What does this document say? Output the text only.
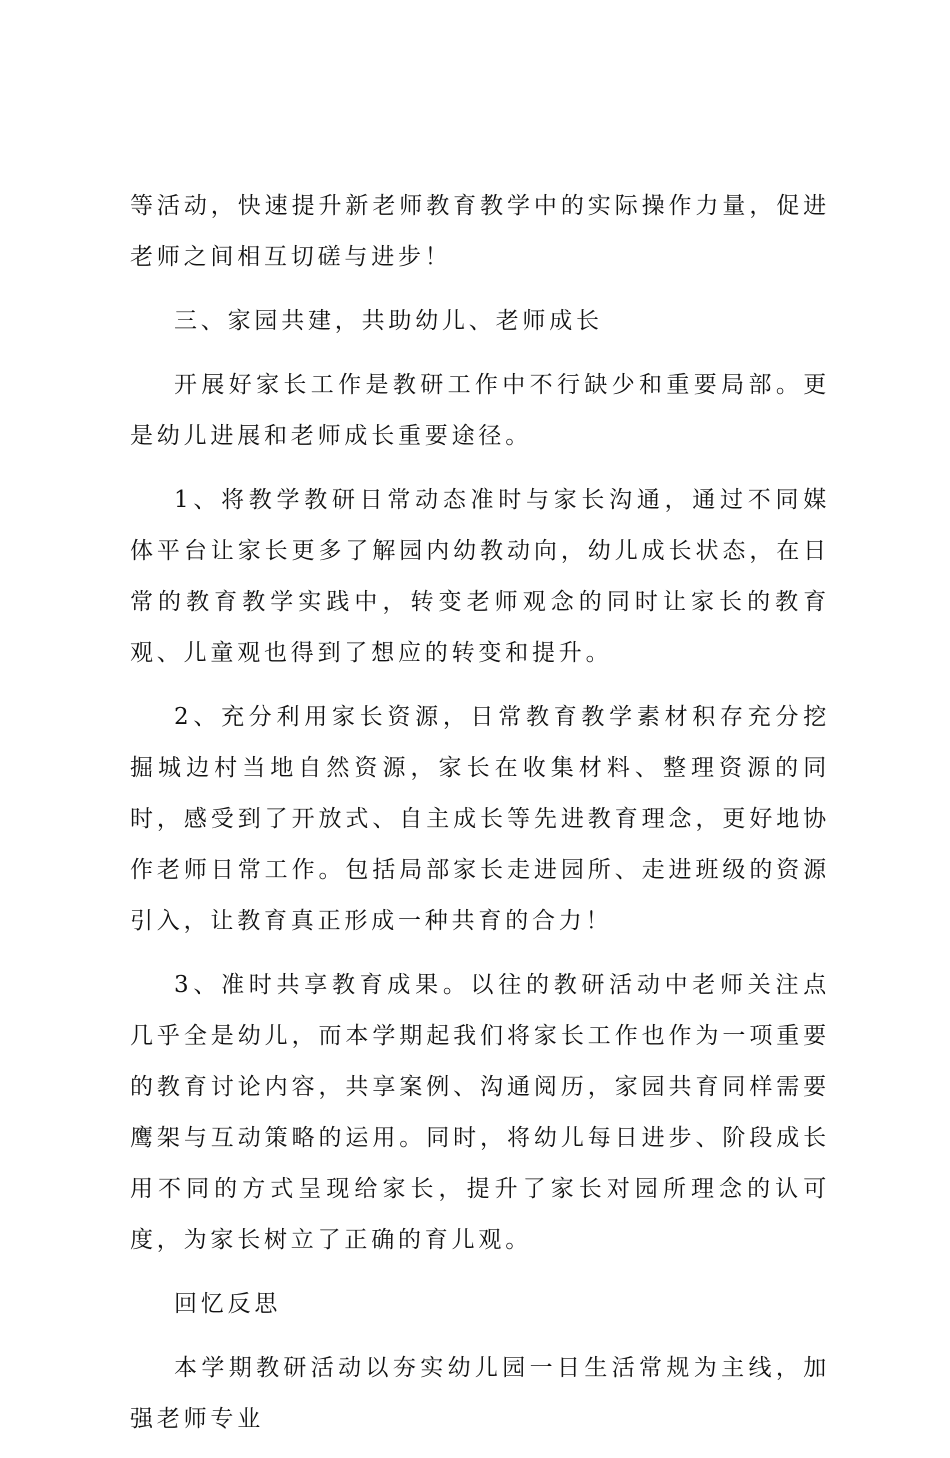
等活动，快速提升新老师教育教学中的实际操作力量，促进老师之间相互切磋与进步！

三、家园共建，共助幼儿、老师成长

开展好家长工作是教研工作中不行缺少和重要局部。更是幼儿进展和老师成长重要途径。

1、将教学教研日常动态准时与家长沟通，通过不同媒体平台让家长更多了解园内幼教动向，幼儿成长状态，在日常的教育教学实践中，转变老师观念的同时让家长的教育观、儿童观也得到了想应的转变和提升。

2、充分利用家长资源，日常教育教学素材积存充分挖掘城边村当地自然资源，家长在收集材料、整理资源的同时，感受到了开放式、自主成长等先进教育理念，更好地协作老师日常工作。包括局部家长走进园所、走进班级的资源引入，让教育真正形成一种共育的合力！

3、准时共享教育成果。以往的教研活动中老师关注点几乎全是幼儿，而本学期起我们将家长工作也作为一项重要的教育讨论内容，共享案例、沟通阅历，家园共育同样需要鹰架与互动策略的运用。同时，将幼儿每日进步、阶段成长用不同的方式呈现给家长，提升了家长对园所理念的认可度，为家长树立了正确的育儿观。

回忆反思

本学期教研活动以夯实幼儿园一日生活常规为主线，加强老师专业
